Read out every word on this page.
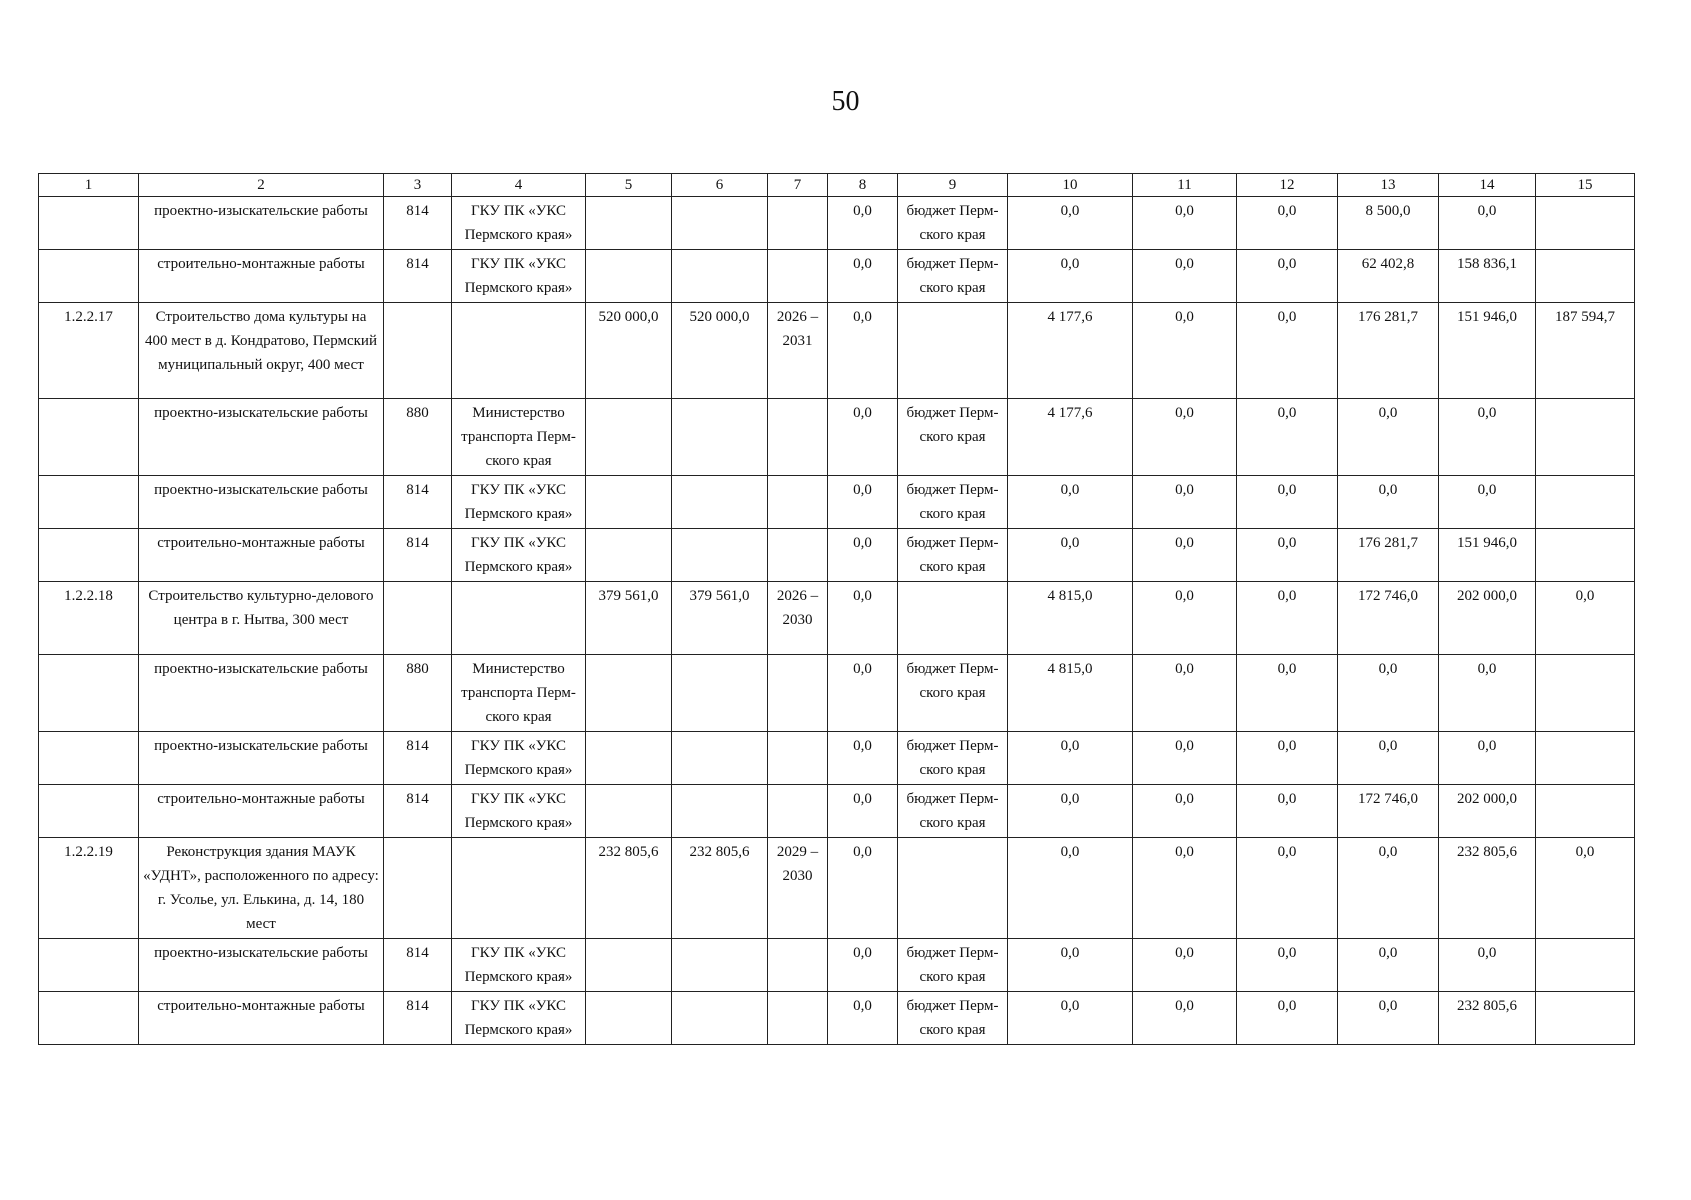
50
1	2	3	4	5	6	7	8	9	10	11	12	13	14	15
	проектно-изыскательские работы	814	ГКУ ПК «УКС Пермского края»				0,0	бюджет Перм-ского края	0,0	0,0	0,0	8 500,0	0,0	
	строительно-монтажные работы	814	ГКУ ПК «УКС Пермского края»				0,0	бюджет Перм-ского края	0,0	0,0	0,0	62 402,8	158 836,1	
1.2.2.17	Строительство дома культуры на 400 мест в д. Кондратово, Пермский муниципальный округ, 400 мест			520 000,0	520 000,0	2026 – 2031	0,0		4 177,6	0,0	0,0	176 281,7	151 946,0	187 594,7
	проектно-изыскательские работы	880	Министерство транспорта Перм-ского края				0,0	бюджет Перм-ского края	4 177,6	0,0	0,0	0,0	0,0	
	проектно-изыскательские работы	814	ГКУ ПК «УКС Пермского края»				0,0	бюджет Перм-ского края	0,0	0,0	0,0	0,0	0,0	
	строительно-монтажные работы	814	ГКУ ПК «УКС Пермского края»				0,0	бюджет Перм-ского края	0,0	0,0	0,0	176 281,7	151 946,0	
1.2.2.18	Строительство культурно-делового центра в г. Нытва, 300 мест			379 561,0	379 561,0	2026 – 2030	0,0		4 815,0	0,0	0,0	172 746,0	202 000,0	0,0
	проектно-изыскательские работы	880	Министерство транспорта Перм-ского края				0,0	бюджет Перм-ского края	4 815,0	0,0	0,0	0,0	0,0	
	проектно-изыскательские работы	814	ГКУ ПК «УКС Пермского края»				0,0	бюджет Перм-ского края	0,0	0,0	0,0	0,0	0,0	
	строительно-монтажные работы	814	ГКУ ПК «УКС Пермского края»				0,0	бюджет Перм-ского края	0,0	0,0	0,0	172 746,0	202 000,0	
1.2.2.19	Реконструкция здания МАУК «УДНТ», расположенного по адресу: г. Усолье, ул. Елькина, д. 14, 180 мест			232 805,6	232 805,6	2029 – 2030	0,0		0,0	0,0	0,0	0,0	232 805,6	0,0
	проектно-изыскательские работы	814	ГКУ ПК «УКС Пермского края»				0,0	бюджет Перм-ского края	0,0	0,0	0,0	0,0	0,0	
	строительно-монтажные работы	814	ГКУ ПК «УКС Пермского края»				0,0	бюджет Перм-ского края	0,0	0,0	0,0	0,0	232 805,6	
